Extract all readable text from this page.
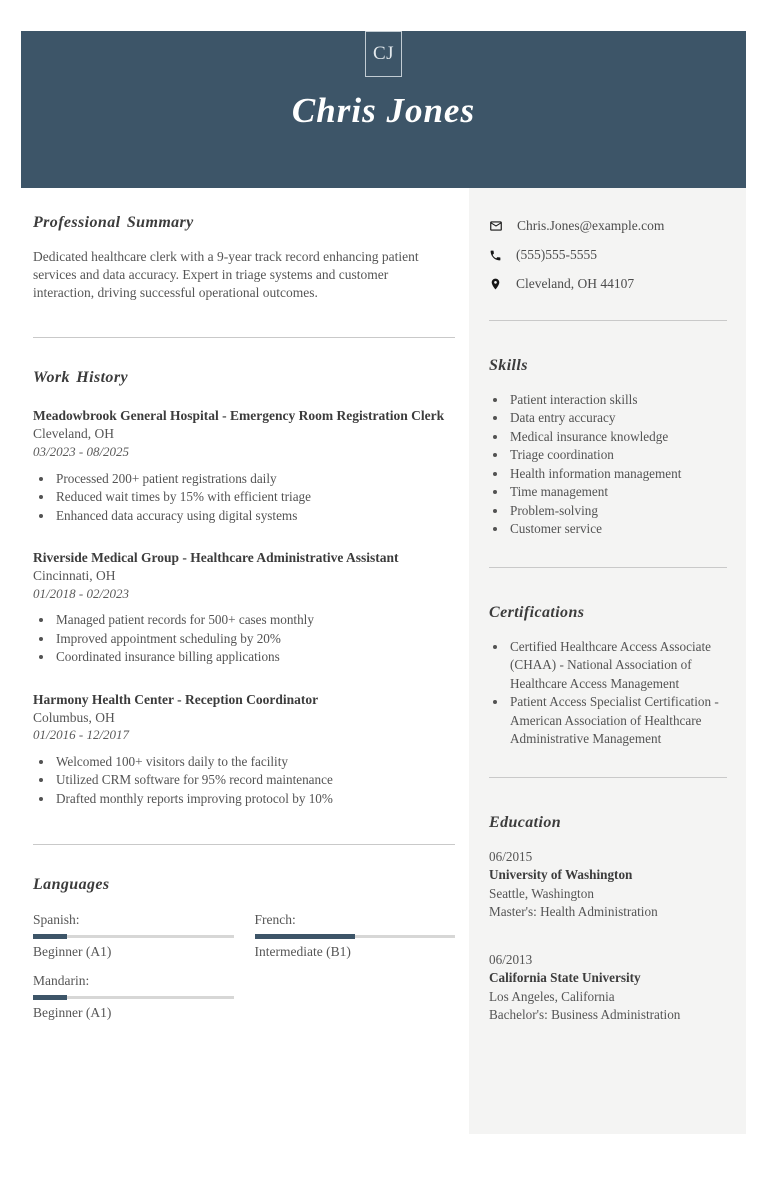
CJ
Chris Jones
Professional Summary

Dedicated healthcare clerk with a 9-year track record enhancing patient services and data accuracy. Expert in triage systems and customer interaction, driving successful operational outcomes.

Work History
Meadowbrook General Hospital - Emergency Room Registration Clerk
Cleveland, OH
03/2023 - 08/2025
• Processed 200+ patient registrations daily
• Reduced wait times by 15% with efficient triage
• Enhanced data accuracy using digital systems
Riverside Medical Group - Healthcare Administrative Assistant
Cincinnati, OH
01/2018 - 02/2023
• Managed patient records for 500+ cases monthly
• Improved appointment scheduling by 20%
• Coordinated insurance billing applications
Harmony Health Center - Reception Coordinator
Columbus, OH
01/2016 - 12/2017
• Welcomed 100+ visitors daily to the facility
• Utilized CRM software for 95% record maintenance
• Drafted monthly reports improving protocol by 10%
Languages
Spanish:
Beginner (A1)
French:
Intermediate (B1)
Mandarin:
Beginner (A1)
Chris.Jones@example.com
(555)555-5555
Cleveland, OH 44107
Skills
• Patient interaction skills
• Data entry accuracy
• Medical insurance knowledge
• Triage coordination
• Health information management
• Time management
• Problem-solving
• Customer service
Certifications
• Certified Healthcare Access Associate (CHAA) - National Association of Healthcare Access Management
• Patient Access Specialist Certification - American Association of Healthcare Administrative Management
Education
06/2015
University of Washington
Seattle, Washington
Master's: Health Administration
06/2013
California State University
Los Angeles, California
Bachelor's: Business Administration
